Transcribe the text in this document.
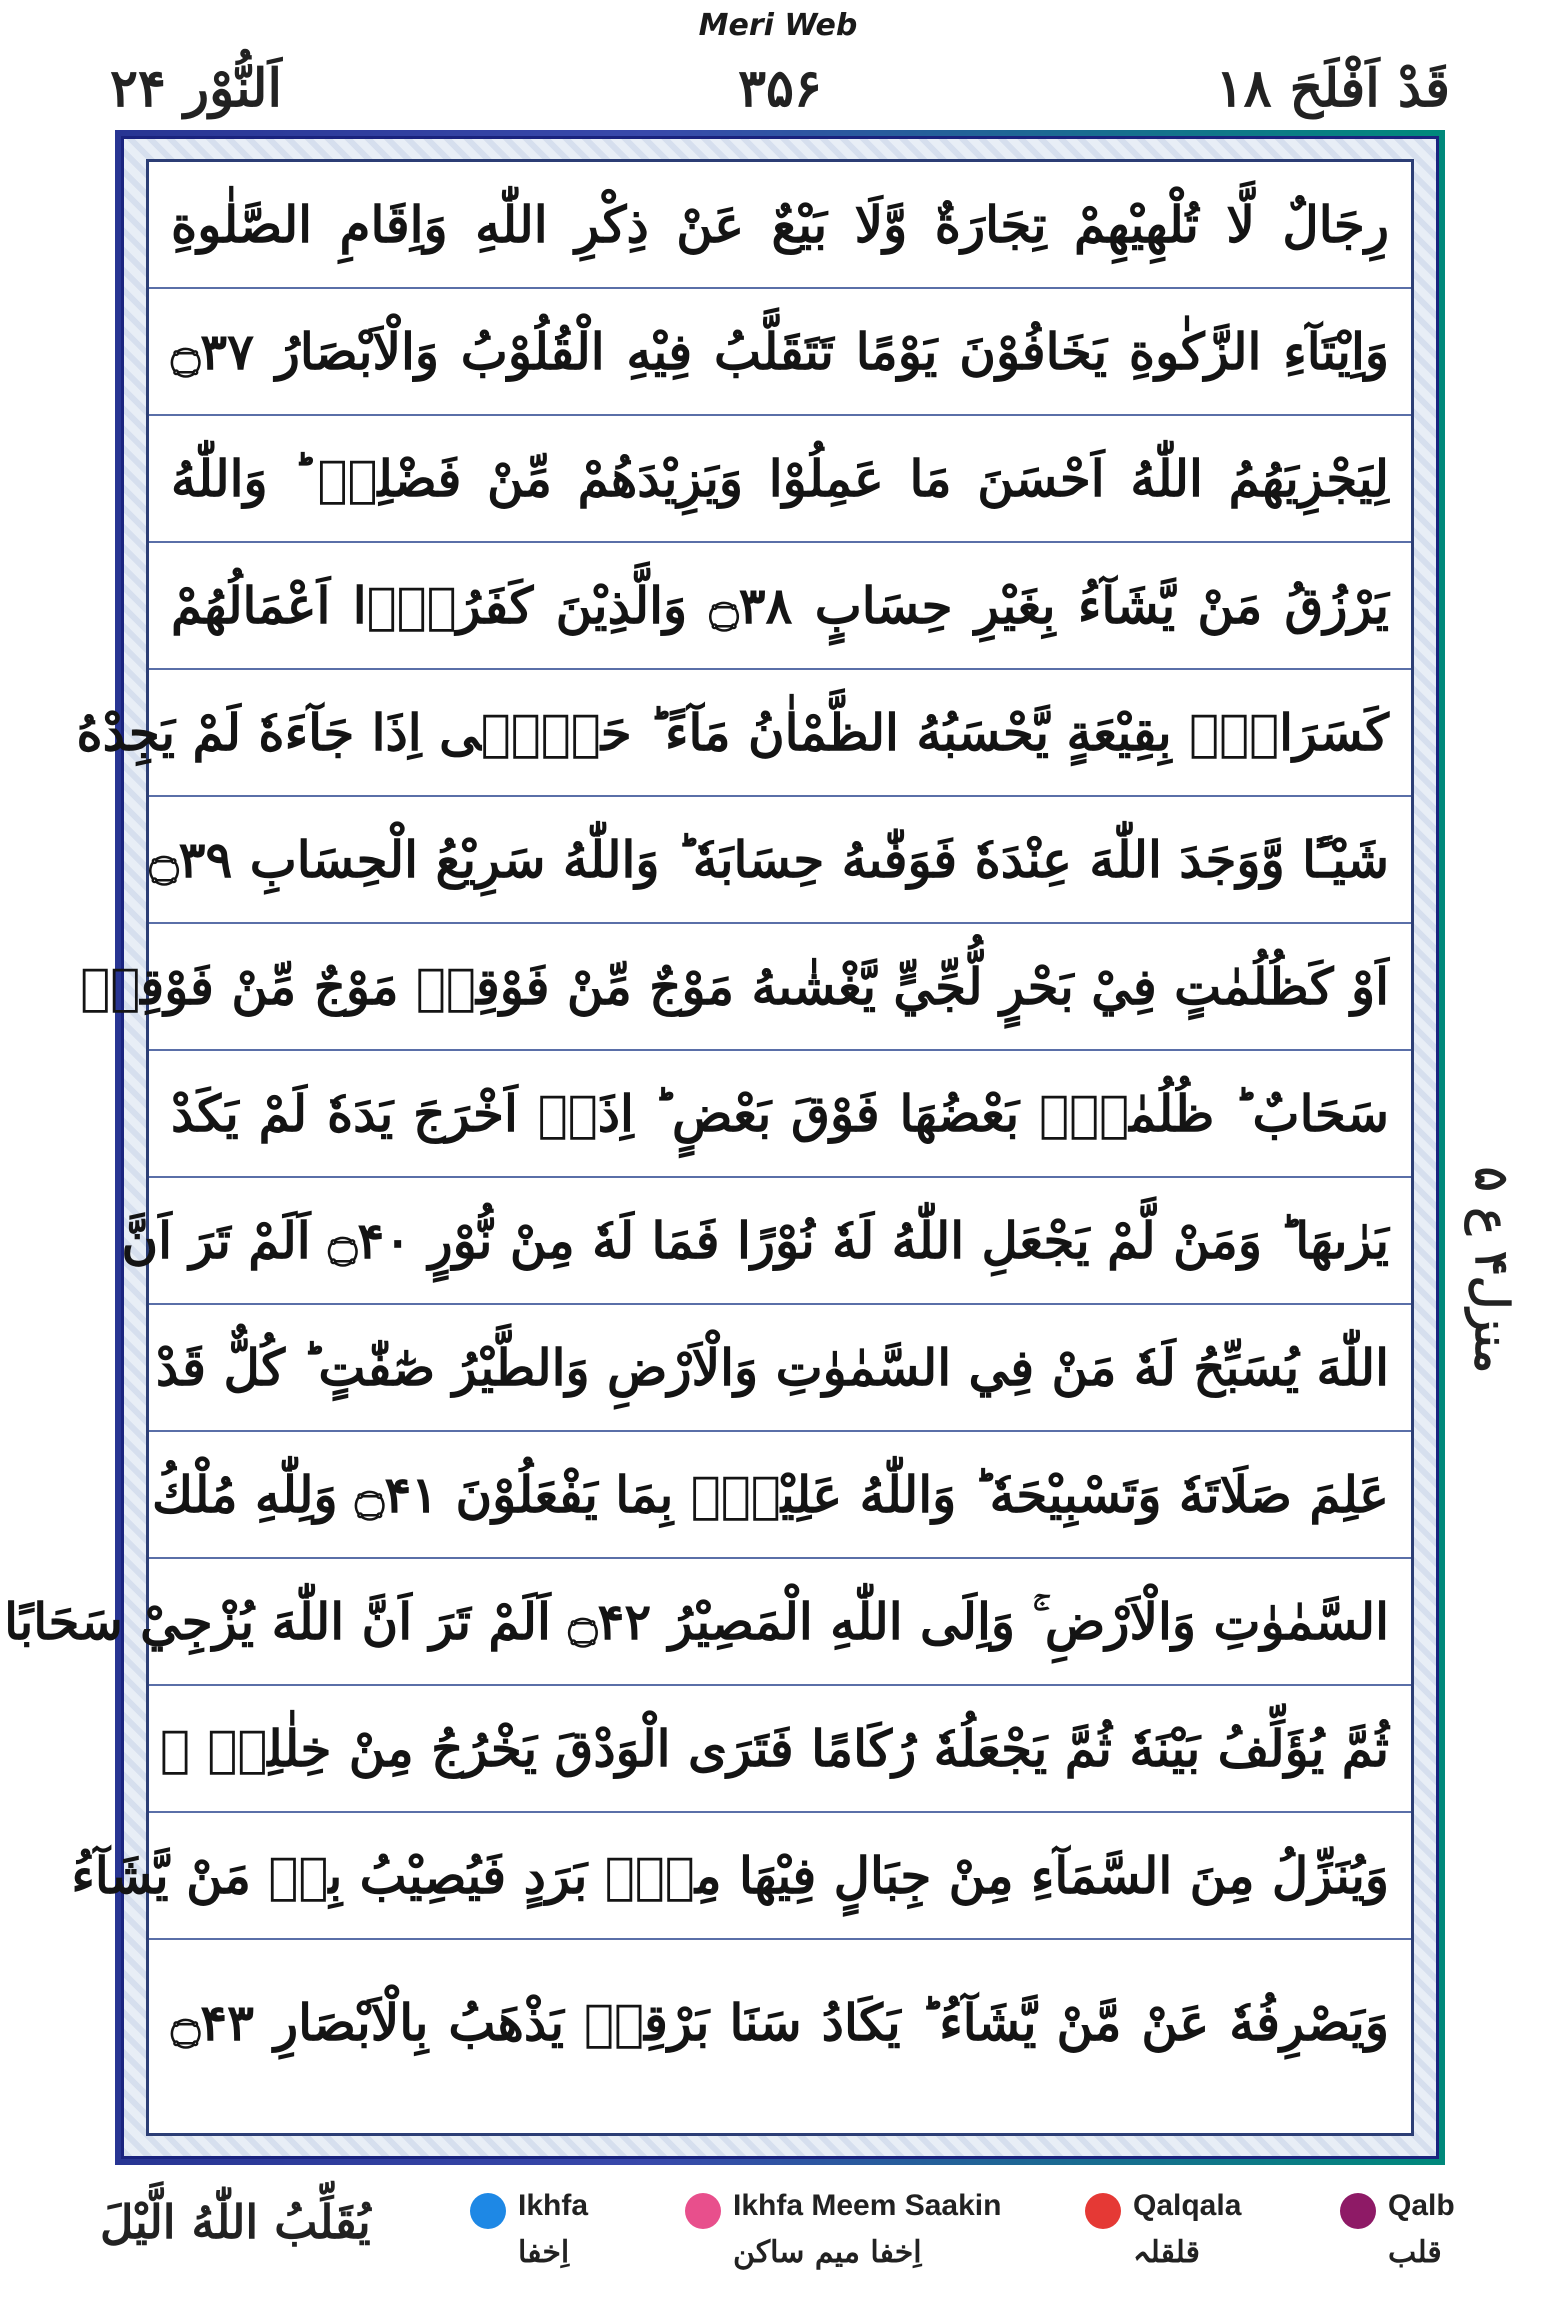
Meri Web
اَلنُّوْر ۲۴	۳۵۶	قَدْ اَفْلَحَ ۱۸
رِجَالٌ لَّا تُلْهِيْهِمْ تِجَارَةٌ وَّلَا بَيْعٌ عَنْ ذِكْرِ اللّٰهِ وَاِقَامِ الصَّلٰوةِ
وَاِيْتَآءِ الزَّكٰوةِ يَخَافُوْنَ يَوْمًا تَتَقَلَّبُ فِيْهِ الْقُلُوْبُ وَالْاَبْصَارُ ۝۳۷
لِيَجْزِيَهُمُ اللّٰهُ اَحْسَنَ مَا عَمِلُوْا وَيَزِيْدَهُمْ مِّنْ فَضْلِهٖ ؕ وَاللّٰهُ
يَرْزُقُ مَنْ يَّشَآءُ بِغَيْرِ حِسَابٍ ۝۳۸ وَالَّذِيْنَ كَفَرُوْۤا اَعْمَالُهُمْ
كَسَرَابٍۭ بِقِيْعَةٍ يَّحْسَبُهُ الظَّمْاٰنُ مَآءً ؕ حَتّٰۤى اِذَا جَآءَهٗ لَمْ يَجِدْهُ
شَيْـًٔا وَّوَجَدَ اللّٰهَ عِنْدَهٗ فَوَفّٰىهُ حِسَابَهٗ ؕ وَاللّٰهُ سَرِيْعُ الْحِسَابِ ۝۳۹
اَوْ كَظُلُمٰتٍ فِيْ بَحْرٍ لُّجِّيٍّ يَّغْشٰىهُ مَوْجٌ مِّنْ فَوْقِهٖ مَوْجٌ مِّنْ فَوْقِهٖ
سَحَابٌ ؕ ظُلُمٰتٌۢ بَعْضُهَا فَوْقَ بَعْضٍ ؕ اِذَاۤ اَخْرَجَ يَدَهٗ لَمْ يَكَدْ
يَرٰىهَا ؕ وَمَنْ لَّمْ يَجْعَلِ اللّٰهُ لَهٗ نُوْرًا فَمَا لَهٗ مِنْ نُّوْرٍ ۝۴۰ اَلَمْ تَرَ اَنَّ
اللّٰهَ يُسَبِّحُ لَهٗ مَنْ فِي السَّمٰوٰتِ وَالْاَرْضِ وَالطَّيْرُ صٰٓفّٰتٍ ؕ كُلٌّ قَدْ
عَلِمَ صَلَاتَهٗ وَتَسْبِيْحَهٗ ؕ وَاللّٰهُ عَلِيْمٌۢ بِمَا يَفْعَلُوْنَ ۝۴۱ وَلِلّٰهِ مُلْكُ
السَّمٰوٰتِ وَالْاَرْضِ ۚ وَاِلَى اللّٰهِ الْمَصِيْرُ ۝۴۲ اَلَمْ تَرَ اَنَّ اللّٰهَ يُزْجِيْ سَحَابًا
ثُمَّ يُؤَلِّفُ بَيْنَهٗ ثُمَّ يَجْعَلُهٗ رُكَامًا فَتَرَى الْوَدْقَ يَخْرُجُ مِنْ خِلٰلِهٖ ۚ
وَيُنَزِّلُ مِنَ السَّمَآءِ مِنْ جِبَالٍ فِيْهَا مِنْۢ بَرَدٍ فَيُصِيْبُ بِهٖ مَنْ يَّشَآءُ
وَيَصْرِفُهٗ عَنْ مَّنْ يَّشَآءُ ؕ يَكَادُ سَنَا بَرْقِهٖ يَذْهَبُ بِالْاَبْصَارِ ۝۴۳
منزل۴ ع ۵
يُقَلِّبُ اللّٰهُ الَّيْلَ	Ikhfa
اِخفا
Ikhfa Meem Saakin
اِخفا میم ساکن
Qalqala
قلقلہ
Qalb
قلب
